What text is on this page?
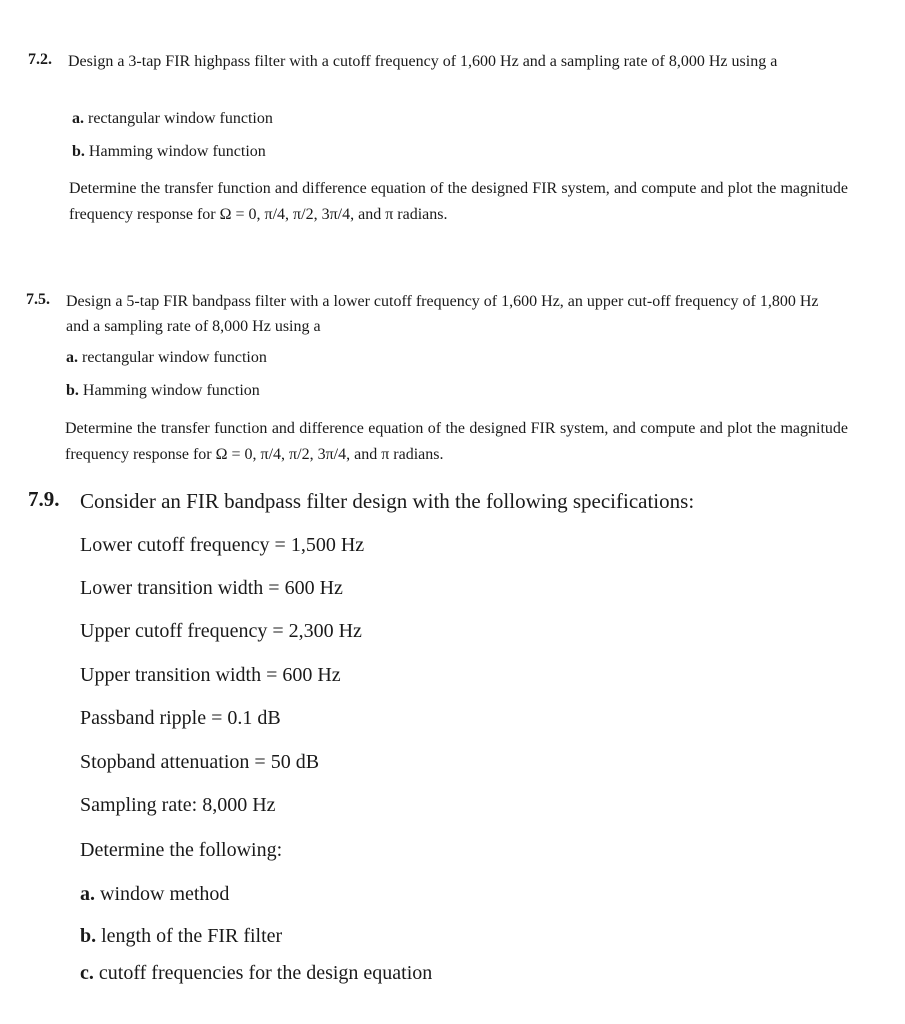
7.2. Design a 3-tap FIR highpass filter with a cutoff frequency of 1,600 Hz and a sampling rate of 8,000 Hz using a
a. rectangular window function
b. Hamming window function
Determine the transfer function and difference equation of the designed FIR system, and compute and plot the magnitude frequency response for Ω = 0, π/4, π/2, 3π/4, and π radians.
7.5. Design a 5-tap FIR bandpass filter with a lower cutoff frequency of 1,600 Hz, an upper cut-off frequency of 1,800 Hz and a sampling rate of 8,000 Hz using a
a. rectangular window function
b. Hamming window function
Determine the transfer function and difference equation of the designed FIR system, and compute and plot the magnitude frequency response for Ω = 0, π/4, π/2, 3π/4, and π radians.
7.9. Consider an FIR bandpass filter design with the following specifications:
Lower cutoff frequency = 1,500 Hz
Lower transition width = 600 Hz
Upper cutoff frequency = 2,300 Hz
Upper transition width = 600 Hz
Passband ripple = 0.1 dB
Stopband attenuation = 50 dB
Sampling rate: 8,000 Hz
Determine the following:
a. window method
b. length of the FIR filter
c. cutoff frequencies for the design equation
